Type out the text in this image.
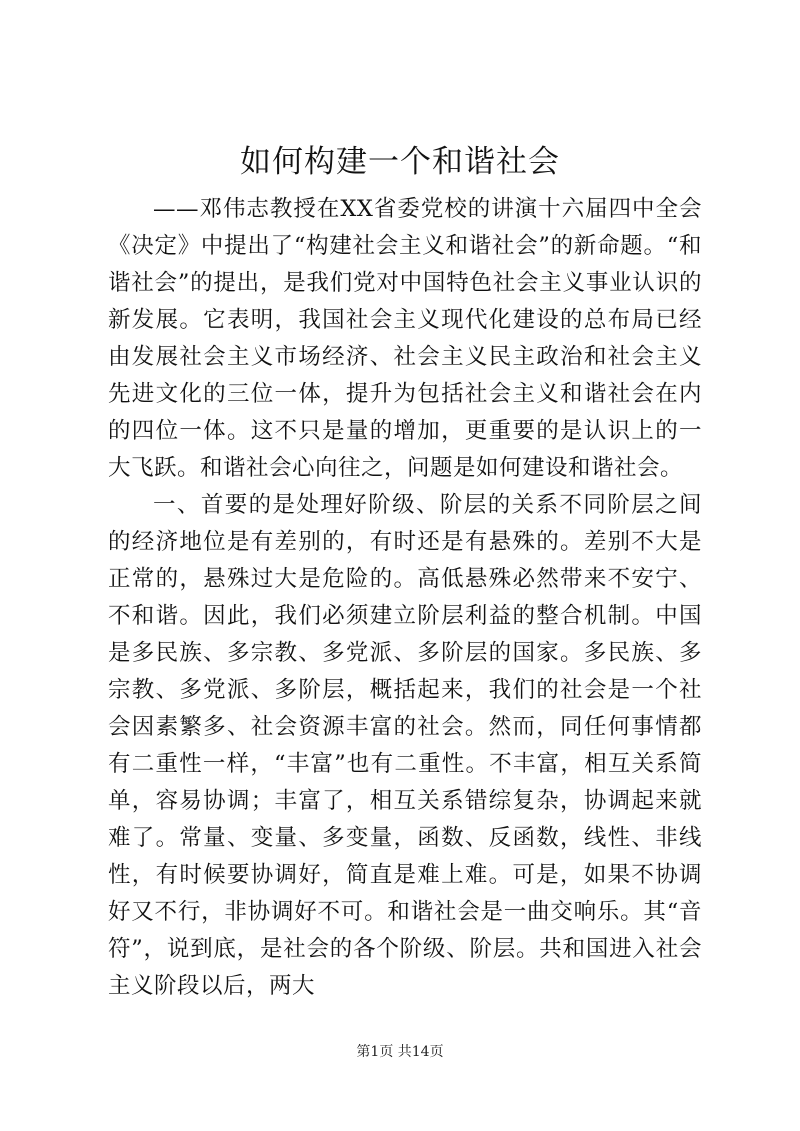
如何构建一个和谐社会

——邓伟志教授在XX省委党校的讲演十六届四中全会《决定》中提出了“构建社会主义和谐社会”的新命题。“和谐社会”的提出，是我们党对中国特色社会主义事业认识的新发展。它表明，我国社会主义现代化建设的总布局已经由发展社会主义市场经济、社会主义民主政治和社会主义先进文化的三位一体，提升为包括社会主义和谐社会在内的四位一体。这不只是量的增加，更重要的是认识上的一大飞跃。和谐社会心向往之，问题是如何建设和谐社会。

一、首要的是处理好阶级、阶层的关系不同阶层之间的经济地位是有差别的，有时还是有悬殊的。差别不大是正常的，悬殊过大是危险的。高低悬殊必然带来不安宁、不和谐。因此，我们必须建立阶层利益的整合机制。中国是多民族、多宗教、多党派、多阶层的国家。多民族、多宗教、多党派、多阶层，概括起来，我们的社会是一个社会因素繁多、社会资源丰富的社会。然而，同任何事情都有二重性一样，“丰富”也有二重性。不丰富，相互关系简单，容易协调；丰富了，相互关系错综复杂，协调起来就难了。常量、变量、多变量，函数、反函数，线性、非线性，有时候要协调好，简直是难上难。可是，如果不协调好又不行，非协调好不可。和谐社会是一曲交响乐。其“音符”，说到底，是社会的各个阶级、阶层。共和国进入社会主义阶段以后，两大

第1页 共14页
